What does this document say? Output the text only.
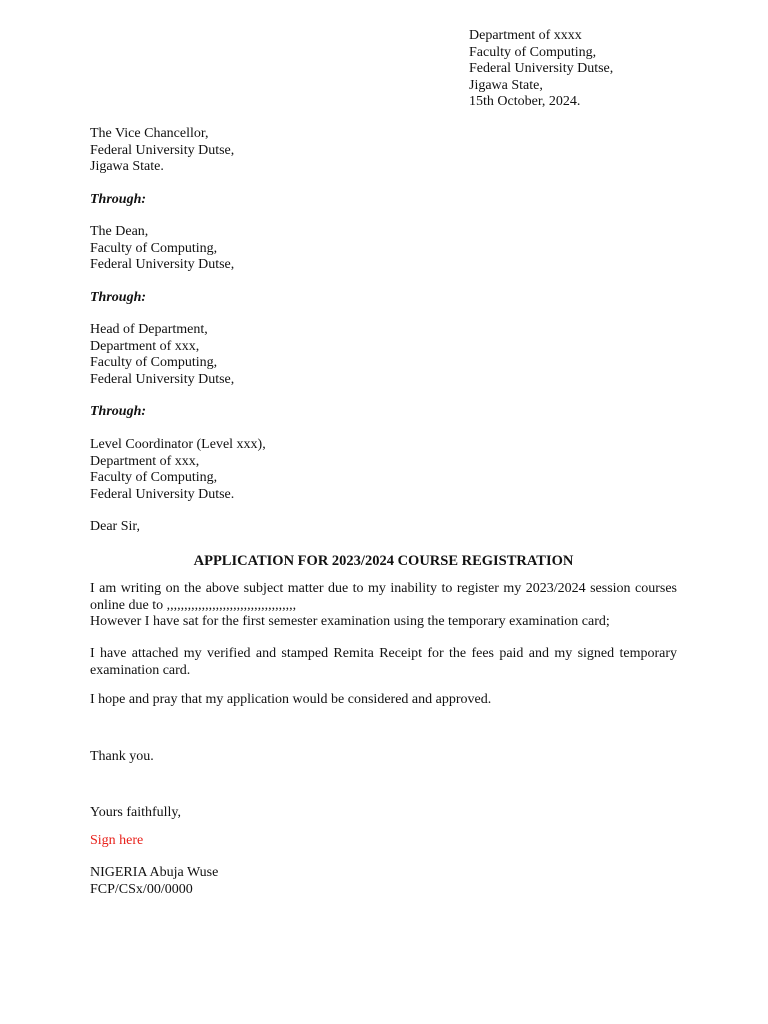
Department of xxxx
Faculty of Computing,
Federal University Dutse,
Jigawa State,
15th October, 2024.
The Vice Chancellor,
Federal University Dutse,
Jigawa State.
Through:
The Dean,
Faculty of Computing,
Federal University Dutse,
Through:
Head of Department,
Department of xxx,
Faculty of Computing,
Federal University Dutse,
Through:
Level Coordinator (Level xxx),
Department of xxx,
Faculty of Computing,
Federal University Dutse.
Dear Sir,
APPLICATION FOR 2023/2024 COURSE REGISTRATION
I am writing on the above subject matter due to my inability to register my 2023/2024 session courses online due to ,,,,,,,,,,,,,,,,,,,,,,,,,,,,,,,,,,,,,
However I have sat for the first semester examination using the temporary examination card;
I have attached my verified and stamped Remita Receipt for the fees paid and my signed temporary examination card.
I hope and pray that my application would be considered and approved.
Thank you.
Yours faithfully,
Sign here
NIGERIA Abuja Wuse
FCP/CSx/00/0000
